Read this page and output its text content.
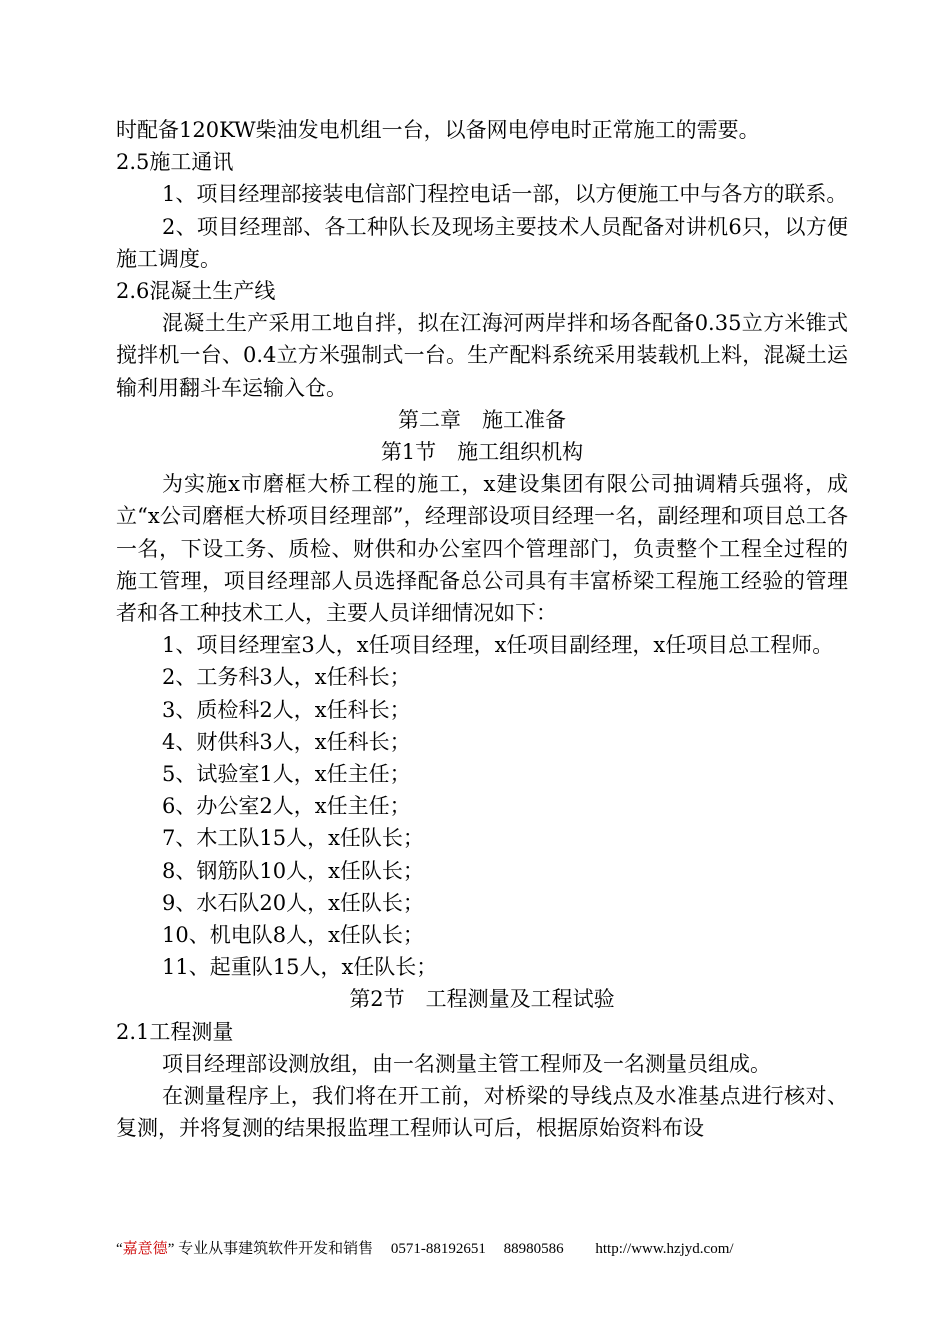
时配备120KW柴油发电机组一台，以备网电停电时正常施工的需要。

2.5施工通讯

1、项目经理部接装电信部门程控电话一部，以方便施工中与各方的联系。

2、项目经理部、各工种队长及现场主要技术人员配备对讲机6只，以方便施工调度。

2.6混凝土生产线

混凝土生产采用工地自拌，拟在江海河两岸拌和场各配备0.35立方米锥式搅拌机一台、0.4立方米强制式一台。生产配料系统采用装载机上料，混凝土运输利用翻斗车运输入仓。

第二章　施工准备

第1节　施工组织机构

为实施x市磨框大桥工程的施工，x建设集团有限公司抽调精兵强将，成立“x公司磨框大桥项目经理部”，经理部设项目经理一名，副经理和项目总工各一名，下设工务、质检、财供和办公室四个管理部门，负责整个工程全过程的施工管理，项目经理部人员选择配备总公司具有丰富桥梁工程施工经验的管理者和各工种技术工人，主要人员详细情况如下：

1、项目经理室3人，x任项目经理，x任项目副经理，x任项目总工程师。

2、工务科3人，x任科长；

3、质检科2人，x任科长；

4、财供科3人，x任科长；

5、试验室1人，x任主任；

6、办公室2人，x任主任；

7、木工队15人，x任队长；

8、钢筋队10人，x任队长；

9、水石队20人，x任队长；

10、机电队8人，x任队长；

11、起重队15人，x任队长；

第2节　工程测量及工程试验

2.1工程测量

项目经理部设测放组，由一名测量主管工程师及一名测量员组成。

在测量程序上，我们将在开工前，对桥梁的导线点及水准基点进行核对、复测，并将复测的结果报监理工程师认可后，根据原始资料布设

“嘉意德” 专业从事建筑软件开发和销售 0571-88192651 88980586 http://www.hzjyd.com/
